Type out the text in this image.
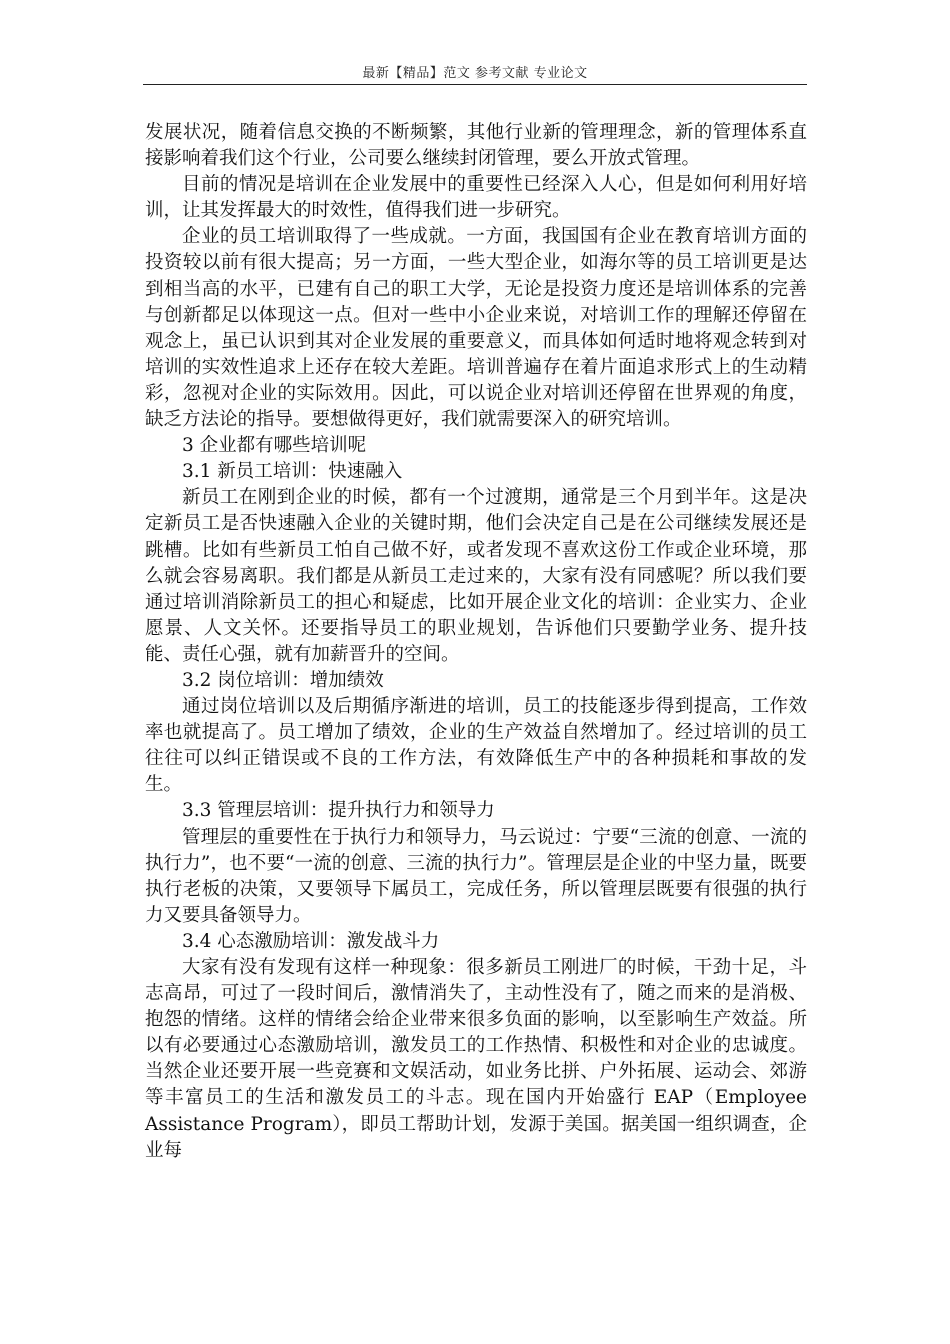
最新【精品】范文 参考文献 专业论文

发展状况，随着信息交换的不断频繁，其他行业新的管理理念，新的管理体系直接影响着我们这个行业，公司要么继续封闭管理，要么开放式管理。

目前的情况是培训在企业发展中的重要性已经深入人心，但是如何利用好培训，让其发挥最大的时效性，值得我们进一步研究。

企业的员工培训取得了一些成就。一方面，我国国有企业在教育培训方面的投资较以前有很大提高；另一方面，一些大型企业，如海尔等的员工培训更是达到相当高的水平，已建有自己的职工大学，无论是投资力度还是培训体系的完善与创新都足以体现这一点。但对一些中小企业来说，对培训工作的理解还停留在观念上，虽已认识到其对企业发展的重要意义，而具体如何适时地将观念转到对培训的实效性追求上还存在较大差距。培训普遍存在着片面追求形式上的生动精彩，忽视对企业的实际效用。因此，可以说企业对培训还停留在世界观的角度，缺乏方法论的指导。要想做得更好，我们就需要深入的研究培训。

3 企业都有哪些培训呢

3.1 新员工培训：快速融入

新员工在刚到企业的时候，都有一个过渡期，通常是三个月到半年。这是决定新员工是否快速融入企业的关键时期，他们会决定自己是在公司继续发展还是跳槽。比如有些新员工怕自己做不好，或者发现不喜欢这份工作或企业环境，那么就会容易离职。我们都是从新员工走过来的，大家有没有同感呢？所以我们要通过培训消除新员工的担心和疑虑，比如开展企业文化的培训：企业实力、企业愿景、人文关怀。还要指导员工的职业规划，告诉他们只要勤学业务、提升技能、责任心强，就有加薪晋升的空间。

3.2 岗位培训：增加绩效

通过岗位培训以及后期循序渐进的培训，员工的技能逐步得到提高，工作效率也就提高了。员工增加了绩效，企业的生产效益自然增加了。经过培训的员工往往可以纠正错误或不良的工作方法，有效降低生产中的各种损耗和事故的发生。

3.3 管理层培训：提升执行力和领导力

管理层的重要性在于执行力和领导力，马云说过：宁要“三流的创意、一流的执行力”，也不要“一流的创意、三流的执行力”。管理层是企业的中坚力量，既要执行老板的决策，又要领导下属员工，完成任务，所以管理层既要有很强的执行力又要具备领导力。

3.4 心态激励培训：激发战斗力

大家有没有发现有这样一种现象：很多新员工刚进厂的时候，干劲十足，斗志高昂，可过了一段时间后，激情消失了，主动性没有了，随之而来的是消极、抱怨的情绪。这样的情绪会给企业带来很多负面的影响，以至影响生产效益。所以有必要通过心态激励培训，激发员工的工作热情、积极性和对企业的忠诚度。当然企业还要开展一些竞赛和文娱活动，如业务比拼、户外拓展、运动会、郊游等丰富员工的生活和激发员工的斗志。现在国内开始盛行 EAP（Employee Assistance Program），即员工帮助计划，发源于美国。据美国一组织调查，企业每
